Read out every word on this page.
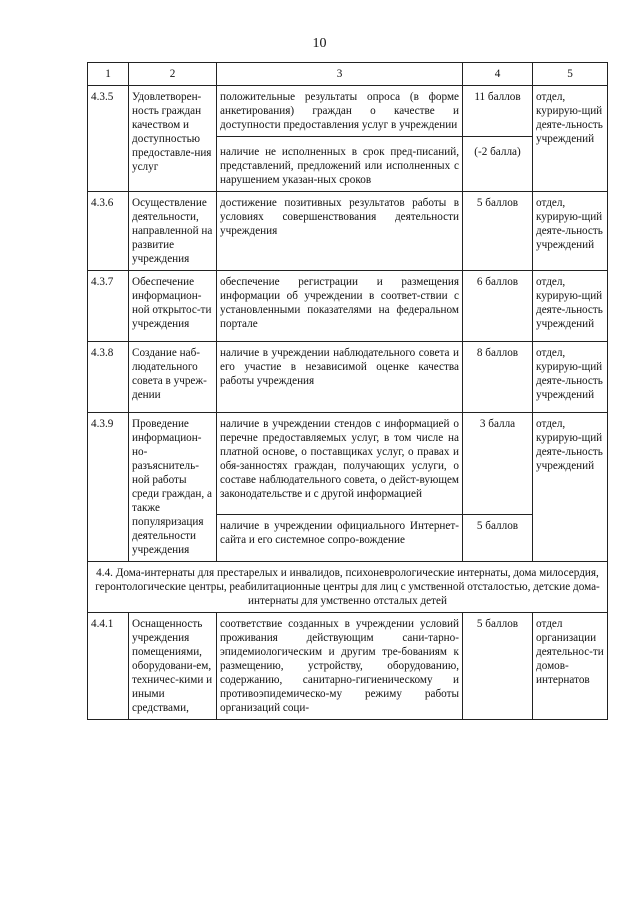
10
1	2	3	4	5
4.3.5	Удовлетворен-ность граждан качеством и доступностью предоставле-ния услуг	положительные результаты опроса (в форме анкетирования) граждан о качестве и доступности предоставления услуг в учреждении	11 баллов	отдел, курирую-щий деяте-льность учреждений
		наличие не исполненных в срок пред-писаний, представлений, предложений или исполненных с нарушением указан-ных сроков	(-2 балла)	
4.3.6	Осуществление деятельности, направленной на развитие учреждения	достижение позитивных результатов работы в условиях совершенствования деятельности учреждения	5 баллов	отдел, курирую-щий деяте-льность учреждений
4.3.7	Обеспечение информацион-ной открытос-ти учреждения	обеспечение регистрации и размещения информации об учреждении в соответ-ствии с установленными показателями на федеральном портале	6 баллов	отдел, курирую-щий деяте-льность учреждений
4.3.8	Создание наб-людательного совета в учреж-дении	наличие в учреждении наблюдательного совета и его участие в независимой оценке качества работы учреждения	8 баллов	отдел, курирую-щий деяте-льность учреждений
4.3.9	Проведение информацион-но-разъяснитель-ной работы среди граждан, а также популяризация деятельности учреждения	наличие в учреждении стендов с информацией о перечне предоставляемых услуг, в том числе на платной основе, о поставщиках услуг, о правах и обя-занностях граждан, получающих услуги, о составе наблюдательного совета, о дейст-вующем законодательстве и с другой информацией	3 балла	отдел, курирую-щий деяте-льность учреждений
		наличие в учреждении официального Интернет-сайта и его системное сопро-вождение	5 баллов	
4.4. Дома-интернаты для престарелых и инвалидов, психоневрологические интернаты, дома милосердия, геронтологические центры, реабилитационные центры для лиц с умственной отсталостью, детские дома-интернаты для умственно отсталых детей				
4.4.1	Оснащенность учреждения помещениями, оборудовани-ем, техничес-кими и иными средствами,	соответствие созданных в учреждении условий проживания действующим сани-тарно-эпидемиологическим и другим тре-бованиям к размещению, устройству, оборудованию, содержанию, санитарно-гигиеническому и противоэпидемическо-му режиму работы организаций соци-	5 баллов	отдел организации деятельнос-ти домов-интернатов
